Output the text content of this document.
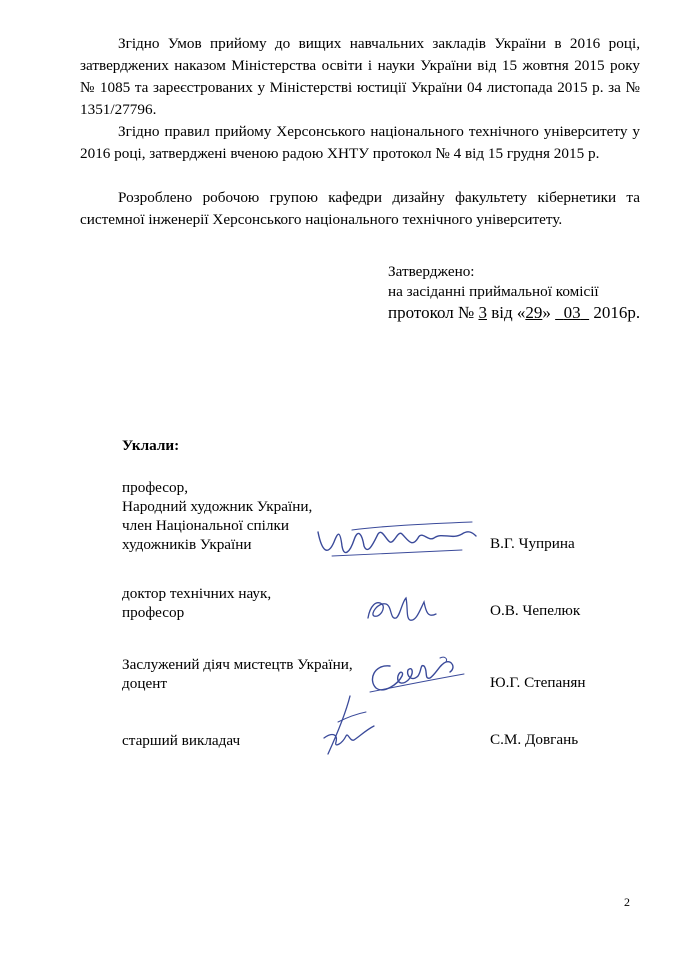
Згідно Умов прийому до вищих навчальних закладів України в 2016 році, затверджених наказом Міністерства освіти і науки України від 15 жовтня 2015 року № 1085 та зареєстрованих у Міністерстві юстиції України 04 листопада 2015 р. за № 1351/27796.
Згідно правил прийому Херсонського національного технічного університету у 2016 році, затверджені вченою радою ХНТУ протокол № 4 від 15 грудня 2015 р.
Розроблено робочою групою кафедри дизайну факультету кібернетики та системної інженерії Херсонського національного технічного університету.
Затверджено:
на засіданні приймальної комісії
протокол № 3 від «29»   03   2016р.
Уклали:
професор,
Народний художник України,
член Національної спілки
художників України	В.Г. Чуприна
доктор технічних наук,
професор	О.В. Чепелюк
Заслужений діяч мистецтв України,
доцент	Ю.Г. Степанян
старший викладач	С.М. Довгань
2
